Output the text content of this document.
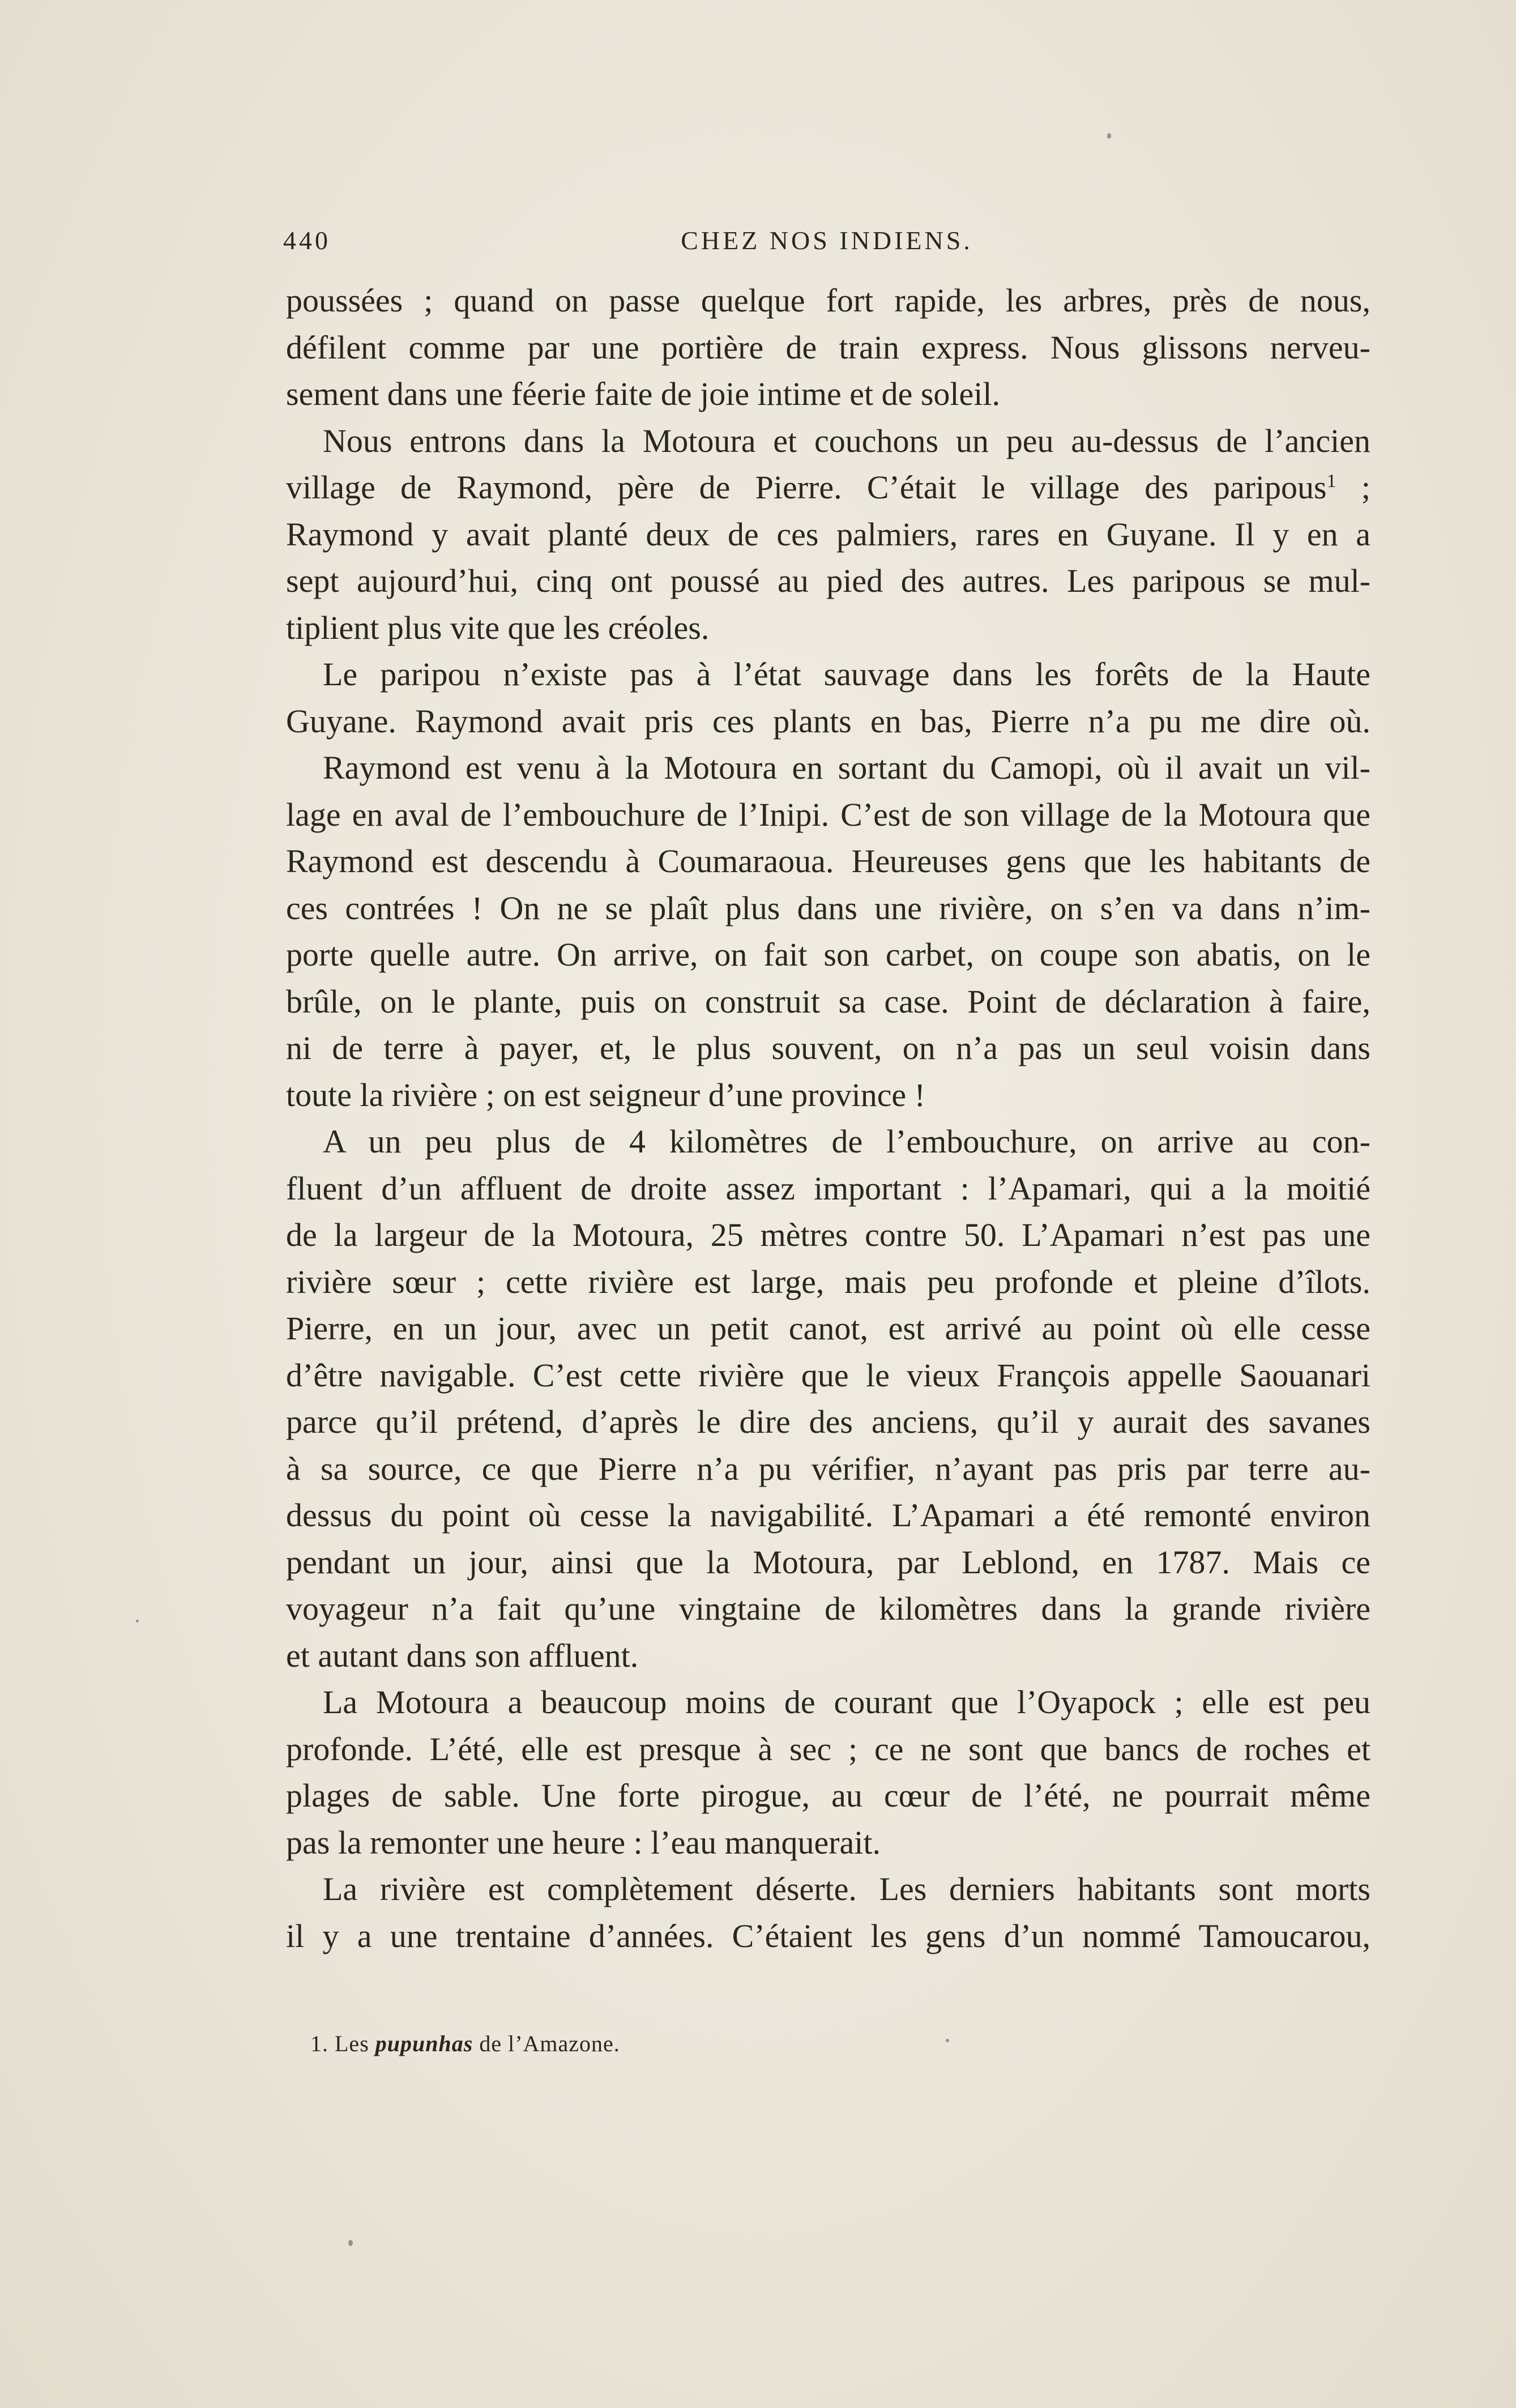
440	CHEZ NOS INDIENS.
poussées ; quand on passe quelque fort rapide, les arbres, près de nous,
défilent comme par une portière de train express. Nous glissons nerveu-
sement dans une féerie faite de joie intime et de soleil.
Nous entrons dans la Motoura et couchons un peu au-dessus de l’ancien
village de Raymond, père de Pierre. C’était le village des paripous$^1$ ;
Raymond y avait planté deux de ces palmiers, rares en Guyane. Il y en a
sept aujourd’hui, cinq ont poussé au pied des autres. Les paripous se mul-
tiplient plus vite que les créoles.
Le paripou n’existe pas à l’état sauvage dans les forêts de la Haute
Guyane. Raymond avait pris ces plants en bas, Pierre n’a pu me dire où.
Raymond est venu à la Motoura en sortant du Camopi, où il avait un vil-
lage en aval de l’embouchure de l’Inipi. C’est de son village de la Motoura que
Raymond est descendu à Coumaraoua. Heureuses gens que les habitants de
ces contrées ! On ne se plaît plus dans une rivière, on s’en va dans n’im-
porte quelle autre. On arrive, on fait son carbet, on coupe son abatis, on le
brûle, on le plante, puis on construit sa case. Point de déclaration à faire,
ni de terre à payer, et, le plus souvent, on n’a pas un seul voisin dans
toute la rivière ; on est seigneur d’une province !
A un peu plus de 4 kilomètres de l’embouchure, on arrive au con-
fluent d’un affluent de droite assez important : l’Apamari, qui a la moitié
de la largeur de la Motoura, 25 mètres contre 50. L’Apamari n’est pas une
rivière sœur ; cette rivière est large, mais peu profonde et pleine d’îlots.
Pierre, en un jour, avec un petit canot, est arrivé au point où elle cesse
d’être navigable. C’est cette rivière que le vieux François appelle Saouanari
parce qu’il prétend, d’après le dire des anciens, qu’il y aurait des savanes
à sa source, ce que Pierre n’a pu vérifier, n’ayant pas pris par terre au-
dessus du point où cesse la navigabilité. L’Apamari a été remonté environ
pendant un jour, ainsi que la Motoura, par Leblond, en 1787. Mais ce
voyageur n’a fait qu’une vingtaine de kilomètres dans la grande rivière
et autant dans son affluent.
La Motoura a beaucoup moins de courant que l’Oyapock ; elle est peu
profonde. L’été, elle est presque à sec ; ce ne sont que bancs de roches et
plages de sable. Une forte pirogue, au cœur de l’été, ne pourrait même
pas la remonter une heure : l’eau manquerait.
La rivière est complètement déserte. Les derniers habitants sont morts
il y a une trentaine d’années. C’étaient les gens d’un nommé Tamoucarou,
1. Les pupunhas de l’Amazone.
